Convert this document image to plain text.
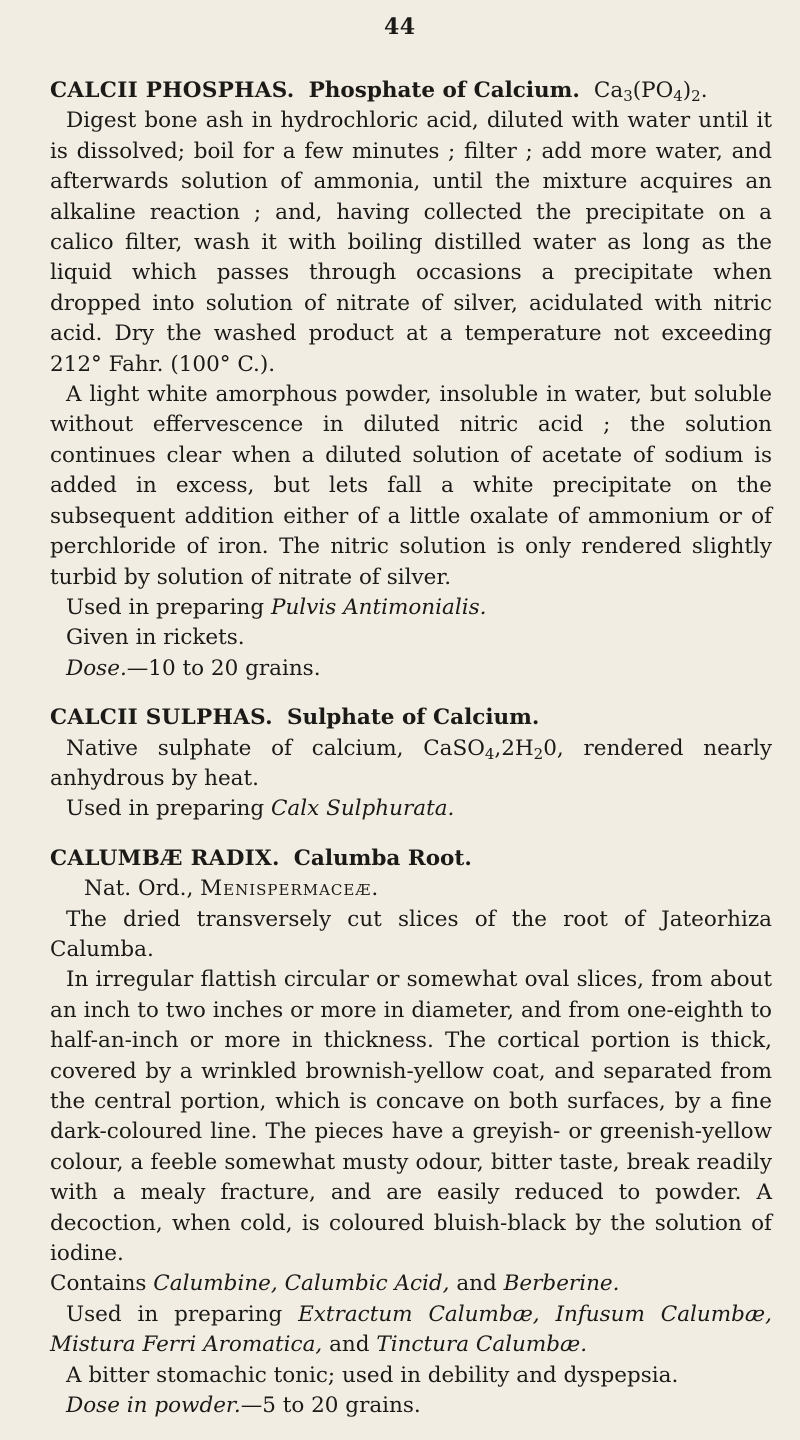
44

CALCII PHOSPHAS. Phosphate of Calcium. $Ca_3(PO_4)_2$.

Digest bone ash in hydrochloric acid, diluted with water until it is dissolved; boil for a few minutes ; filter ; add more water, and afterwards solution of ammonia, until the mixture acquires an alkaline reaction ; and, having collected the precipitate on a calico filter, wash it with boiling distilled water as long as the liquid which passes through occasions a precipitate when dropped into solution of nitrate of silver, acidulated with nitric acid. Dry the washed product at a temperature not exceeding 212° Fahr. (100° C.).

A light white amorphous powder, insoluble in water, but soluble without effervescence in diluted nitric acid ; the solution continues clear when a diluted solution of acetate of sodium is added in excess, but lets fall a white precipitate on the subsequent addition either of a little oxalate of ammonium or of perchloride of iron. The nitric solution is only rendered slightly turbid by solution of nitrate of silver.

Used in preparing Pulvis Antimonialis.

Given in rickets.

Dose.—10 to 20 grains.

CALCII SULPHAS. Sulphate of Calcium.

Native sulphate of calcium, $CaSO_4,2H_20$, rendered nearly anhydrous by heat.

Used in preparing Calx Sulphurata.

CALUMBÆ RADIX. Calumba Root.

Nat. Ord., Menispermaceæ.

The dried transversely cut slices of the root of Jateorhiza Calumba.

In irregular flattish circular or somewhat oval slices, from about an inch to two inches or more in diameter, and from one-eighth to half-an-inch or more in thickness. The cortical portion is thick, covered by a wrinkled brownish-yellow coat, and separated from the central portion, which is concave on both surfaces, by a fine dark-coloured line. The pieces have a greyish- or greenish-yellow colour, a feeble somewhat musty odour, bitter taste, break readily with a mealy fracture, and are easily reduced to powder. A decoction, when cold, is coloured bluish-black by the solution of iodine.

Contains Calumbine, Calumbic Acid, and Berberine.

Used in preparing Extractum Calumbæ, Infusum Calumbæ, Mistura Ferri Aromatica, and Tinctura Calumbæ.

A bitter stomachic tonic; used in debility and dyspepsia.

Dose in powder.—5 to 20 grains.
